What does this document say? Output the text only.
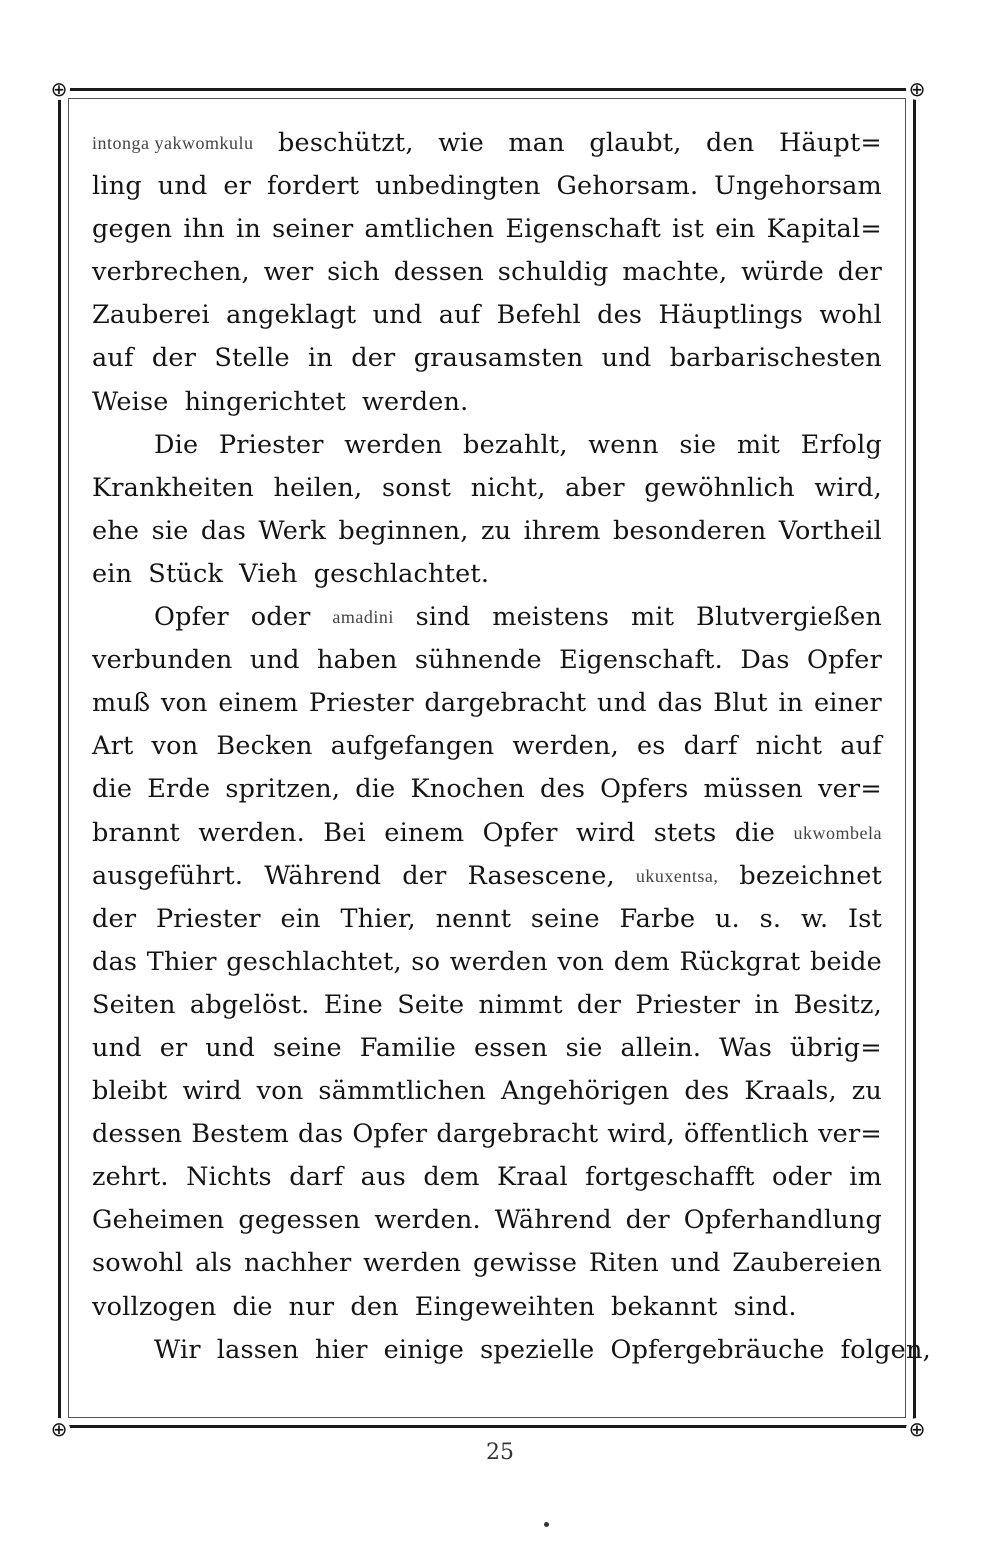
⊕	⊕
⊕	⊕
intonga yakwomkulu beschützt, wie man glaubt, den Häupt=
ling und er fordert unbedingten Gehorsam. Ungehorsam
gegen ihn in seiner amtlichen Eigenschaft ist ein Kapital=
verbrechen, wer sich dessen schuldig machte, würde der
Zauberei angeklagt und auf Befehl des Häuptlings wohl
auf der Stelle in der grausamsten und barbarischesten
Weise hingerichtet werden.
Die Priester werden bezahlt, wenn sie mit Erfolg
Krankheiten heilen, sonst nicht, aber gewöhnlich wird,
ehe sie das Werk beginnen, zu ihrem besonderen Vortheil
ein Stück Vieh geschlachtet.
Opfer oder amadini sind meistens mit Blutvergießen
verbunden und haben sühnende Eigenschaft. Das Opfer
muß von einem Priester dargebracht und das Blut in einer
Art von Becken aufgefangen werden, es darf nicht auf
die Erde spritzen, die Knochen des Opfers müssen ver=
brannt werden. Bei einem Opfer wird stets die ukwombela
ausgeführt. Während der Rasescene, ukuxentsa, bezeichnet
der Priester ein Thier, nennt seine Farbe u. s. w. Ist
das Thier geschlachtet, so werden von dem Rückgrat beide
Seiten abgelöst. Eine Seite nimmt der Priester in Besitz,
und er und seine Familie essen sie allein. Was übrig=
bleibt wird von sämmtlichen Angehörigen des Kraals, zu
dessen Bestem das Opfer dargebracht wird, öffentlich ver=
zehrt. Nichts darf aus dem Kraal fortgeschafft oder im
Geheimen gegessen werden. Während der Opferhandlung
sowohl als nachher werden gewisse Riten und Zaubereien
vollzogen die nur den Eingeweihten bekannt sind.
Wir lassen hier einige spezielle Opfergebräuche folgen,
25
